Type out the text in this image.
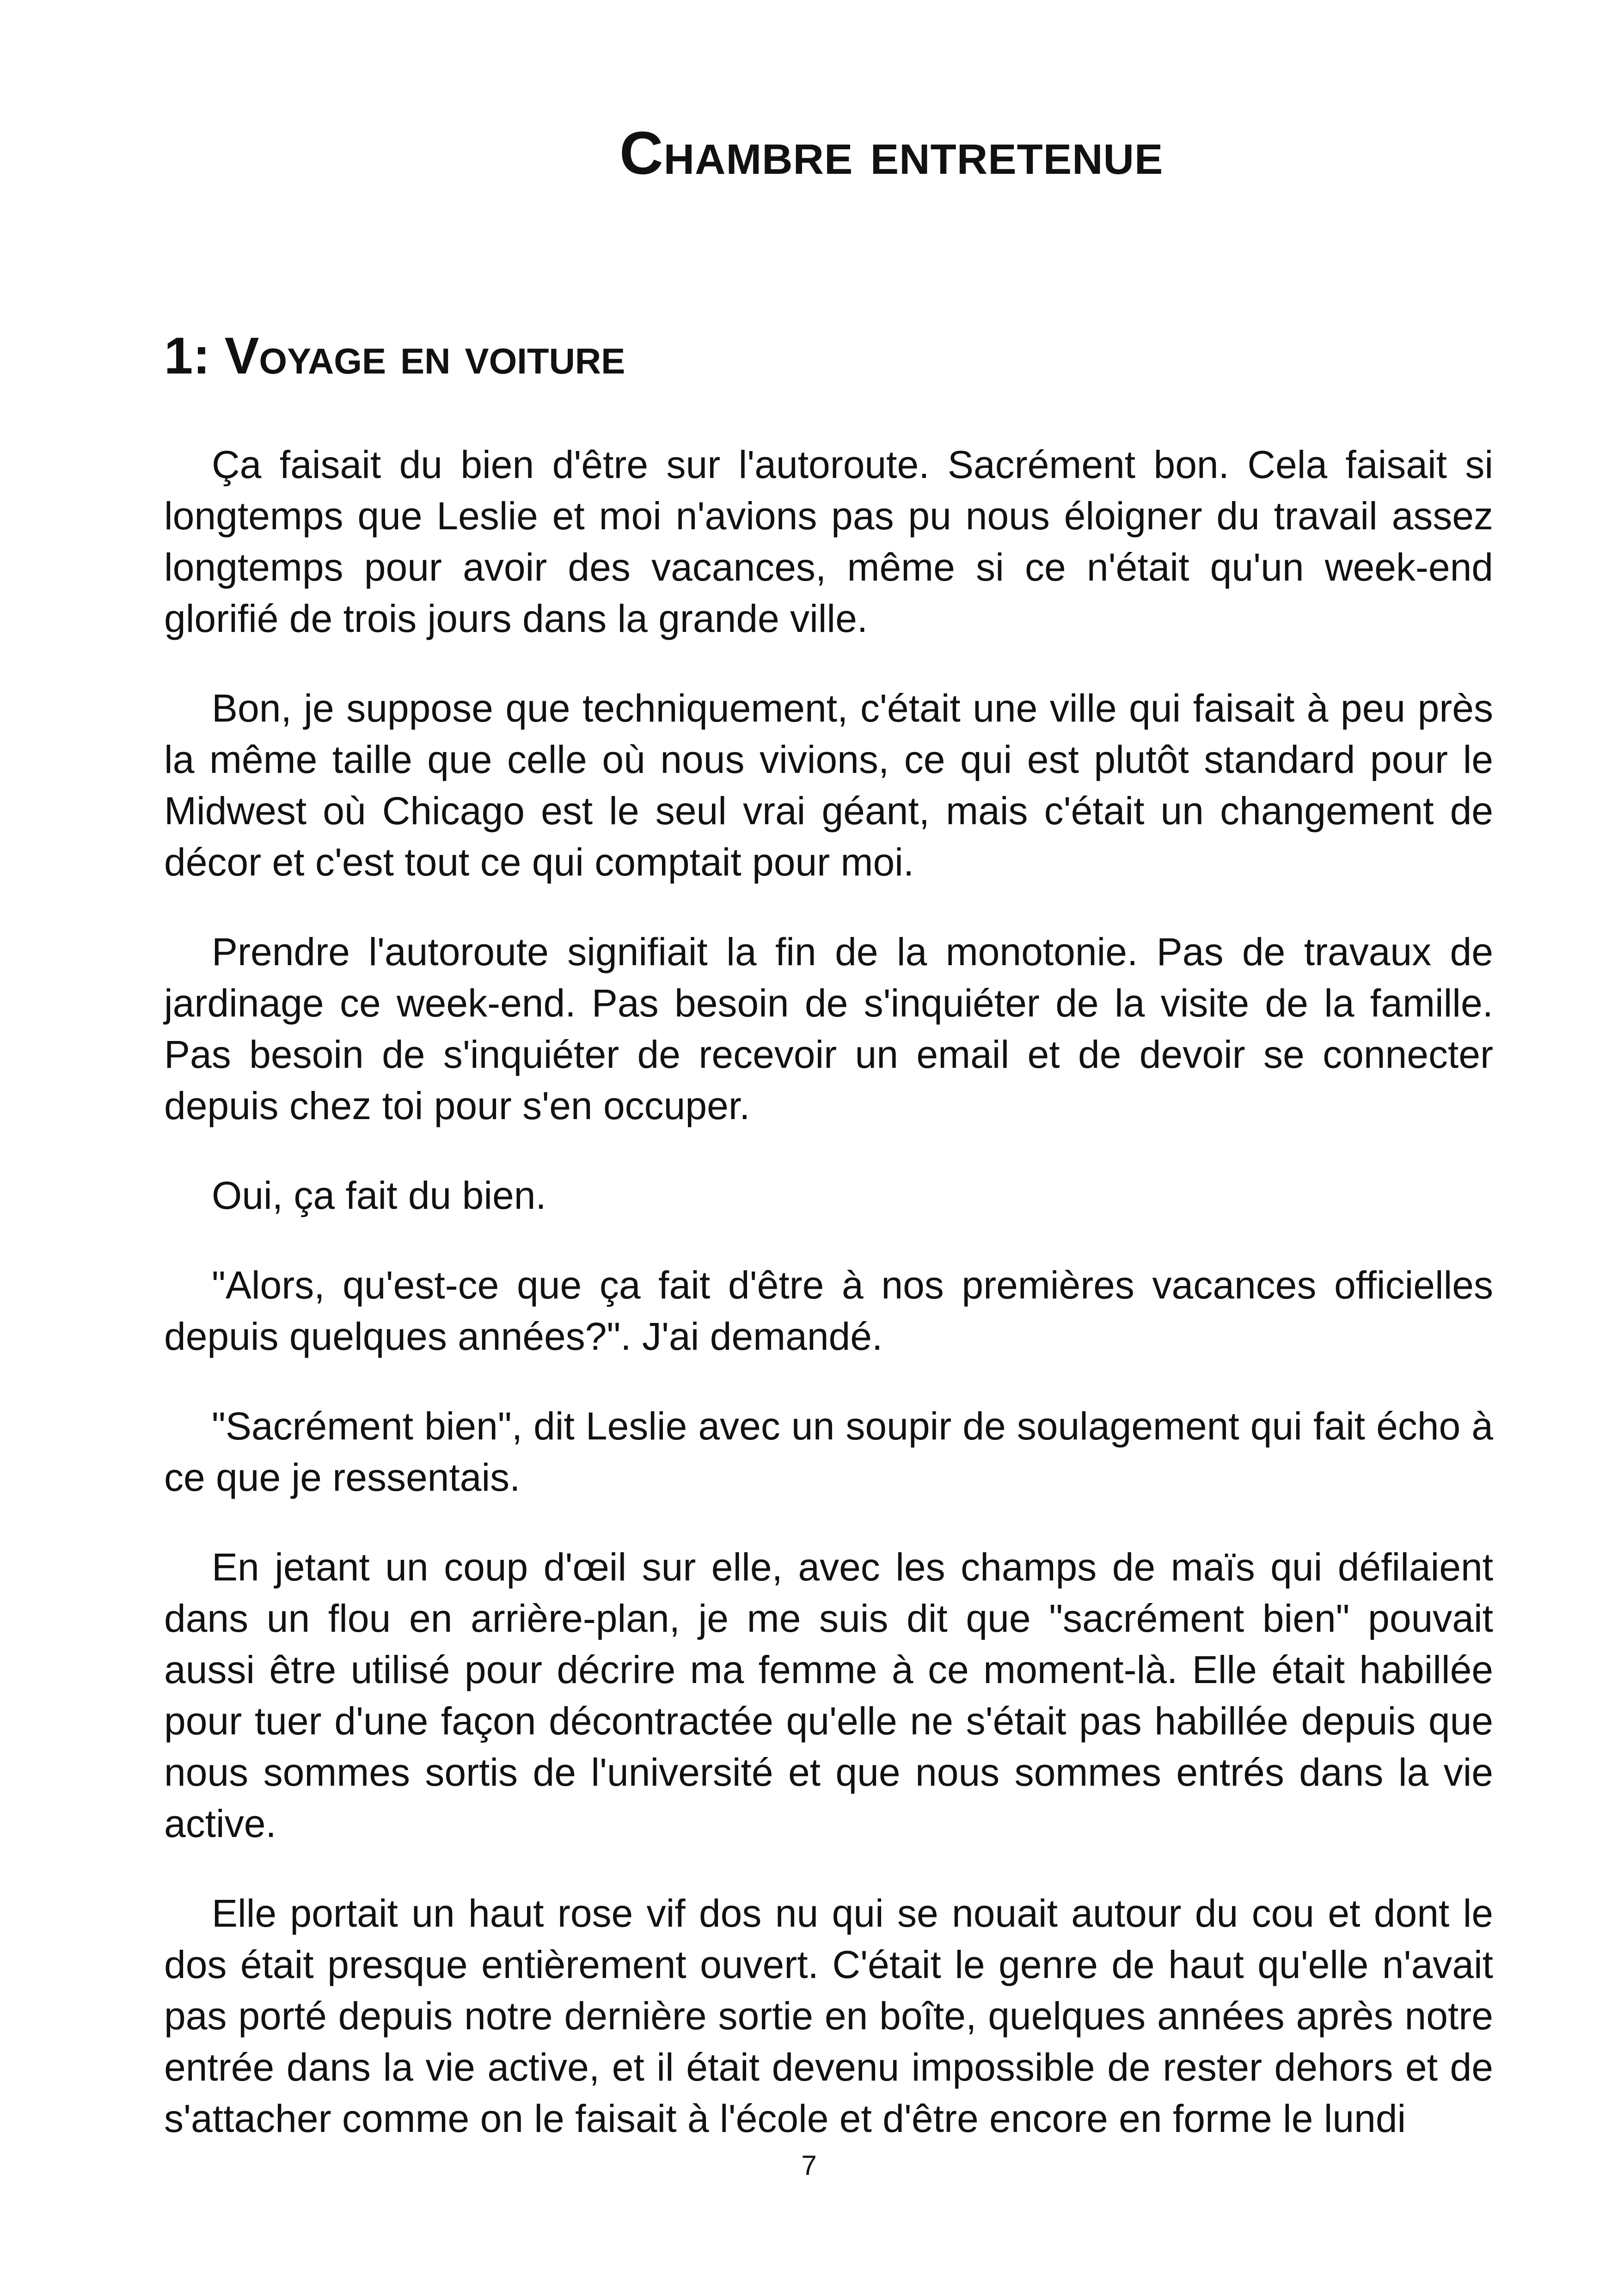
Chambre entretenue
1: Voyage en voiture

Ça faisait du bien d'être sur l'autoroute. Sacrément bon. Cela faisait si longtemps que Leslie et moi n'avions pas pu nous éloigner du travail assez longtemps pour avoir des vacances, même si ce n'était qu'un week-end glorifié de trois jours dans la grande ville.

Bon, je suppose que techniquement, c'était une ville qui faisait à peu près la même taille que celle où nous vivions, ce qui est plutôt standard pour le Midwest où Chicago est le seul vrai géant, mais c'était un changement de décor et c'est tout ce qui comptait pour moi.

Prendre l'autoroute signifiait la fin de la monotonie. Pas de travaux de jardinage ce week-end. Pas besoin de s'inquiéter de la visite de la famille. Pas besoin de s'inquiéter de recevoir un email et de devoir se connecter depuis chez toi pour s'en occuper.

Oui, ça fait du bien.

"Alors, qu'est-ce que ça fait d'être à nos premières vacances officielles depuis quelques années?". J'ai demandé.

"Sacrément bien", dit Leslie avec un soupir de soulagement qui fait écho à ce que je ressentais.

En jetant un coup d'œil sur elle, avec les champs de maïs qui défilaient dans un flou en arrière-plan, je me suis dit que "sacrément bien" pouvait aussi être utilisé pour décrire ma femme à ce moment-là. Elle était habillée pour tuer d'une façon décontractée qu'elle ne s'était pas habillée depuis que nous sommes sortis de l'université et que nous sommes entrés dans la vie active.

Elle portait un haut rose vif dos nu qui se nouait autour du cou et dont le dos était presque entièrement ouvert. C'était le genre de haut qu'elle n'avait pas porté depuis notre dernière sortie en boîte, quelques années après notre entrée dans la vie active, et il était devenu impossible de rester dehors et de s'attacher comme on le faisait à l'école et d'être encore en forme le lundi

7
